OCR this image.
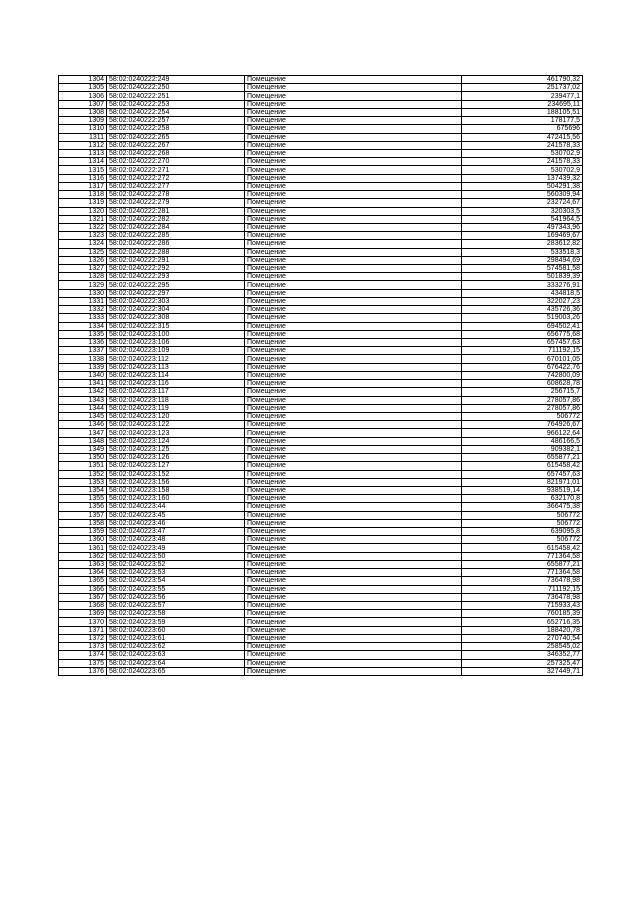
1304	58:02:0240222:249	Помещение	461790,32
1305	58:02:0240222:250	Помещение	251737,02
1306	58:02:0240222:251	Помещение	239477,1
1307	58:02:0240222:253	Помещение	234695,11
1308	58:02:0240222:254	Помещение	188105,51
1309	58:02:0240222:257	Помещение	178177,5
1310	58:02:0240222:258	Помещение	675696
1311	58:02:0240222:265	Помещение	472415,56
1312	58:02:0240222:267	Помещение	241578,33
1313	58:02:0240222:268	Помещение	530702,9
1314	58:02:0240222:270	Помещение	241578,33
1315	58:02:0240222:271	Помещение	530702,9
1316	58:02:0240222:272	Помещение	137439,32
1317	58:02:0240222:277	Помещение	504291,38
1318	58:02:0240222:278	Помещение	560309,94
1319	58:02:0240222:279	Помещение	232724,67
1320	58:02:0240222:281	Помещение	320303,5
1321	58:02:0240222:282	Помещение	541964,5
1322	58:02:0240222:284	Помещение	497343,96
1323	58:02:0240222:285	Помещение	169469,67
1324	58:02:0240222:286	Помещение	283612,82
1325	58:02:0240222:288	Помещение	533518,3
1326	58:02:0240222:291	Помещение	298494,69
1327	58:02:0240222:292	Помещение	574581,58
1328	58:02:0240222:293	Помещение	501839,39
1329	58:02:0240222:295	Помещение	333276,91
1330	58:02:0240222:297	Помещение	434818,5
1331	58:02:0240222:303	Помещение	322027,23
1332	58:02:0240222:304	Помещение	435726,36
1333	58:02:0240222:308	Помещение	519003,26
1334	58:02:0240222:315	Помещение	694502,41
1335	58:02:0240223:100	Помещение	656775,68
1336	58:02:0240223:106	Помещение	657457,63
1337	58:02:0240223:109	Помещение	711192,15
1338	58:02:0240223:112	Помещение	670101,05
1339	58:02:0240223:113	Помещение	676422,76
1340	58:02:0240223:114	Помещение	742800,09
1341	58:02:0240223:116	Помещение	608628,78
1342	58:02:0240223:117	Помещение	256715,7
1343	58:02:0240223:118	Помещение	278057,86
1344	58:02:0240223:119	Помещение	278057,86
1345	58:02:0240223:120	Помещение	506772
1346	58:02:0240223:122	Помещение	764926,67
1347	58:02:0240223:123	Помещение	966122,64
1348	58:02:0240223:124	Помещение	486166,5
1349	58:02:0240223:125	Помещение	909382,1
1350	58:02:0240223:126	Помещение	655877,21
1351	58:02:0240223:127	Помещение	615458,42
1352	58:02:0240223:152	Помещение	657457,63
1353	58:02:0240223:156	Помещение	821971,01
1354	58:02:0240223:158	Помещение	938519,14
1355	58:02:0240223:160	Помещение	632170,8
1356	58:02:0240223:44	Помещение	366475,38
1357	58:02:0240223:45	Помещение	506772
1358	58:02:0240223:46	Помещение	506772
1359	58:02:0240223:47	Помещение	639095,8
1360	58:02:0240223:48	Помещение	506772
1361	58:02:0240223:49	Помещение	615458,42
1362	58:02:0240223:50	Помещение	771364,58
1363	58:02:0240223:52	Помещение	655877,21
1364	58:02:0240223:53	Помещение	771364,58
1365	58:02:0240223:54	Помещение	736478,98
1366	58:02:0240223:55	Помещение	711192,15
1367	58:02:0240223:56	Помещение	736478,98
1368	58:02:0240223:57	Помещение	715933,43
1369	58:02:0240223:58	Помещение	760185,39
1370	58:02:0240223:59	Помещение	652716,35
1371	58:02:0240223:60	Помещение	188420,78
1372	58:02:0240223:61	Помещение	270740,54
1373	58:02:0240223:62	Помещение	258545,02
1374	58:02:0240223:63	Помещение	346352,77
1375	58:02:0240223:64	Помещение	257325,47
1376	58:02:0240223:65	Помещение	327449,71
